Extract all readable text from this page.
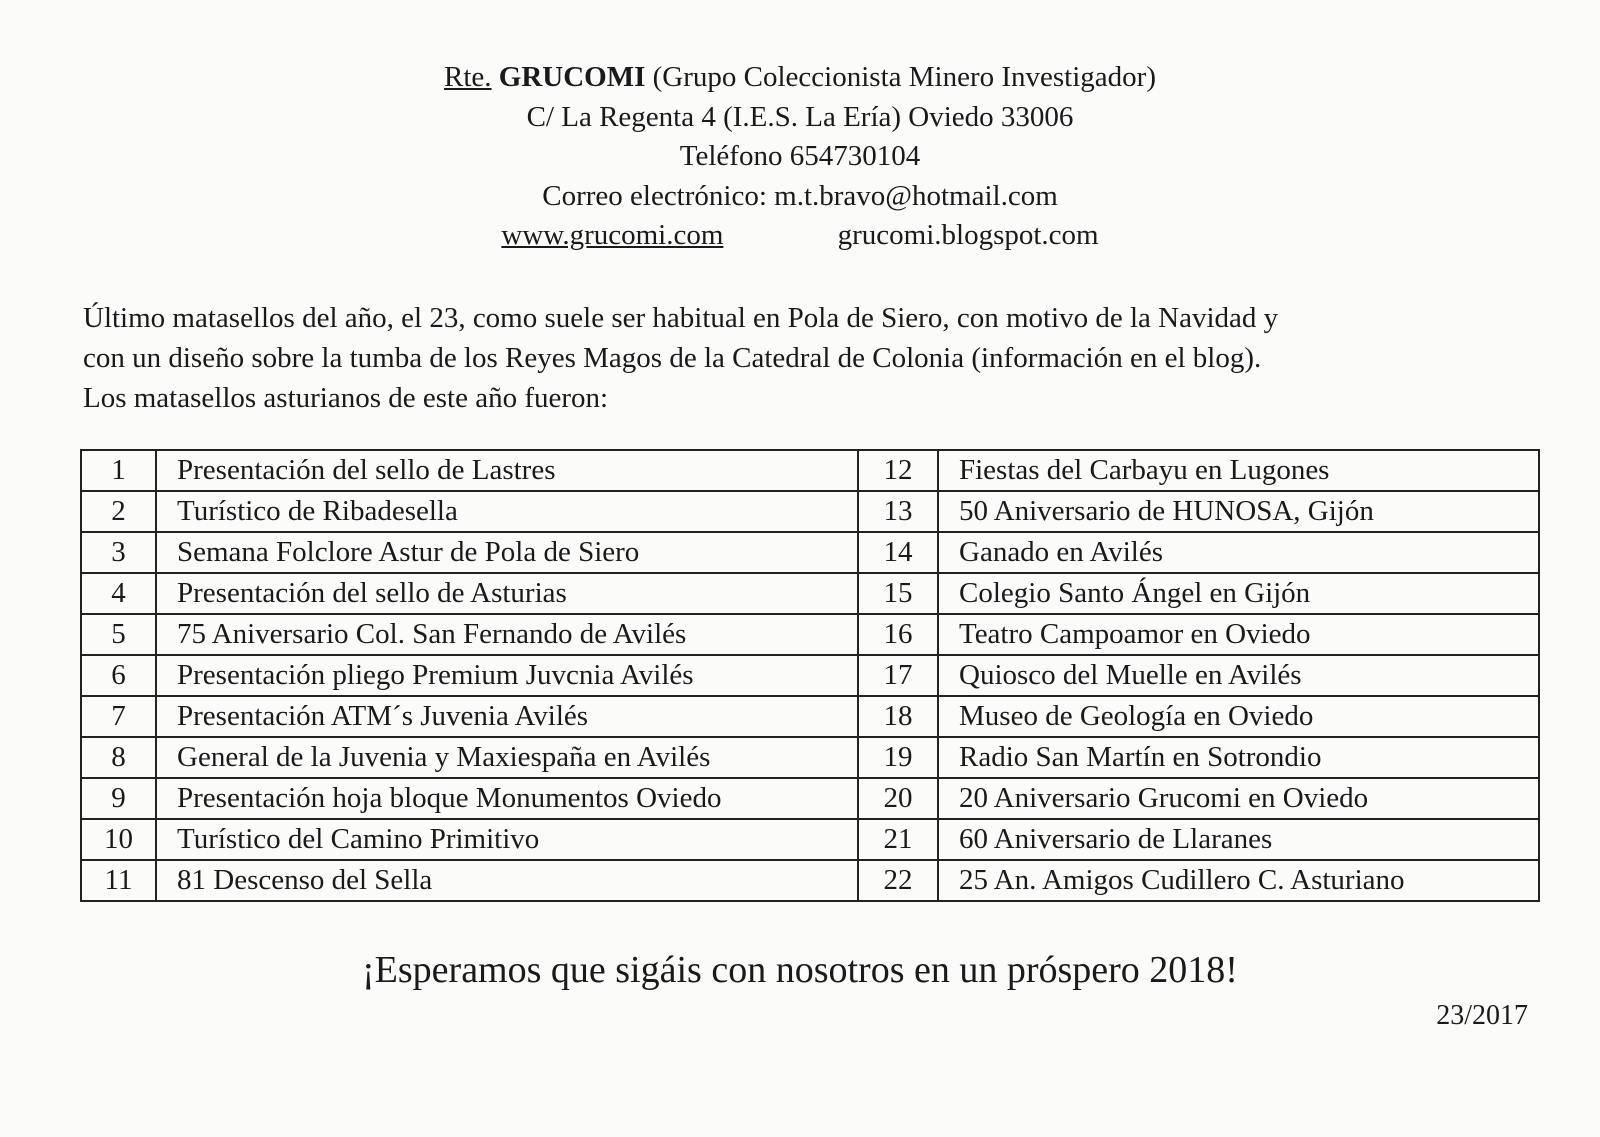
Rte. GRUCOMI (Grupo Coleccionista Minero Investigador)
C/ La Regenta 4 (I.E.S. La Ería) Oviedo 33006
Teléfono 654730104
Correo electrónico: m.t.bravo@hotmail.com
www.grucomi.com	grucomi.blogspot.com
Último matasellos del año, el 23, como suele ser habitual en Pola de Siero, con motivo de la Navidad y
con un diseño sobre la tumba de los Reyes Magos de la Catedral de Colonia (información en el blog).
Los matasellos asturianos de este año fueron:
1	Presentación del sello de Lastres	12	Fiestas del Carbayu en Lugones
2	Turístico de Ribadesella	13	50 Aniversario de HUNOSA, Gijón
3	Semana Folclore Astur de Pola de Siero	14	Ganado en Avilés
4	Presentación del sello de Asturias	15	Colegio Santo Ángel en Gijón
5	75 Aniversario Col. San Fernando de Avilés	16	Teatro Campoamor en Oviedo
6	Presentación pliego Premium Juvcnia Avilés	17	Quiosco del Muelle en Avilés
7	Presentación ATM´s Juvenia Avilés	18	Museo de Geología en Oviedo
8	General de la Juvenia y Maxiespaña en Avilés	19	Radio San Martín en Sotrondio
9	Presentación hoja bloque Monumentos Oviedo	20	20 Aniversario Grucomi en Oviedo
10	Turístico del Camino Primitivo	21	60 Aniversario de Llaranes
11	81 Descenso del Sella	22	25 An. Amigos Cudillero C. Asturiano
¡Esperamos que sigáis con nosotros en un próspero 2018!
23/2017
